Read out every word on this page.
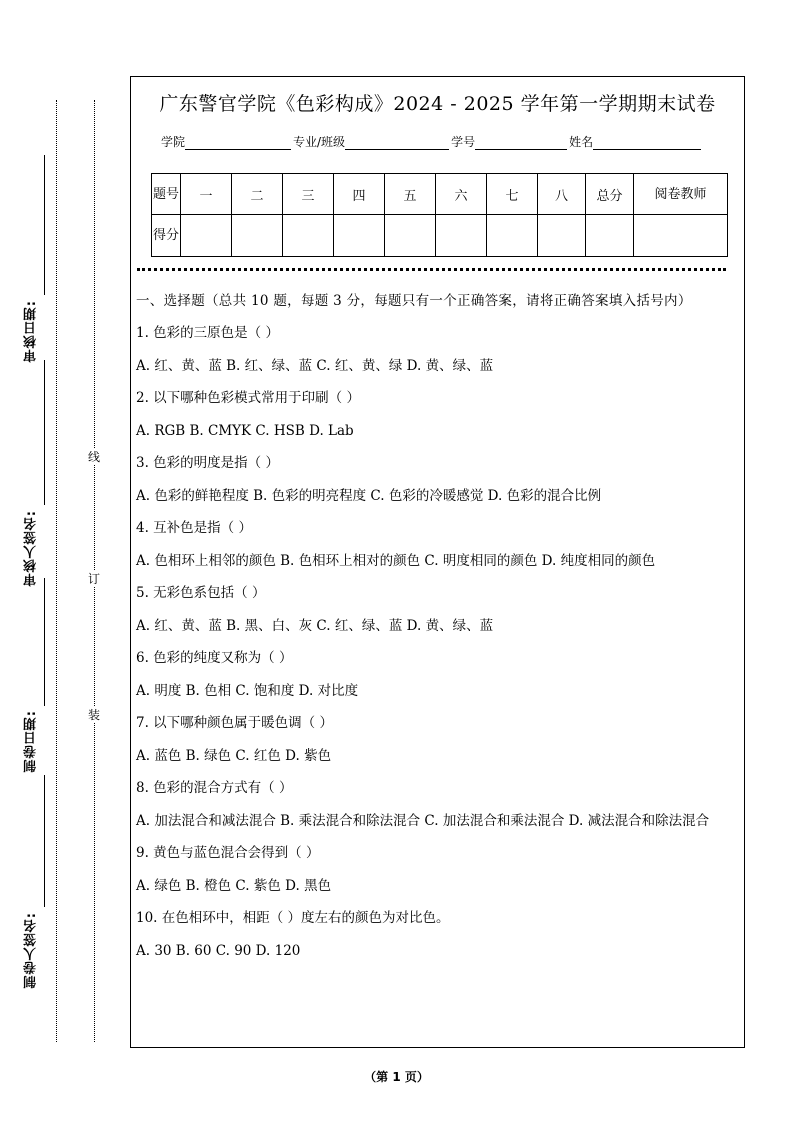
审核日期:
审核人签名:
制卷日期:
制卷人签名:
线
订
装
广东警官学院《色彩构成》2024 - 2025 学年第一学期期末试卷
学院	专业/班级	学号	姓名
题号	一	二	三	四	五	六	七	八	总分	阅卷教师
得分										

一、选择题（总共 10 题，每题 3 分，每题只有一个正确答案，请将正确答案填入括号内）

1. 色彩的三原色是（ ）

A. 红、黄、蓝 B. 红、绿、蓝 C. 红、黄、绿 D. 黄、绿、蓝

2. 以下哪种色彩模式常用于印刷（ ）

A. RGB B. CMYK C. HSB D. Lab

3. 色彩的明度是指（ ）

A. 色彩的鲜艳程度 B. 色彩的明亮程度 C. 色彩的冷暖感觉 D. 色彩的混合比例

4. 互补色是指（ ）

A. 色相环上相邻的颜色 B. 色相环上相对的颜色 C. 明度相同的颜色 D. 纯度相同的颜色

5. 无彩色系包括（ ）

A. 红、黄、蓝 B. 黑、白、灰 C. 红、绿、蓝 D. 黄、绿、蓝

6. 色彩的纯度又称为（ ）

A. 明度 B. 色相 C. 饱和度 D. 对比度

7. 以下哪种颜色属于暖色调（ ）

A. 蓝色 B. 绿色 C. 红色 D. 紫色

8. 色彩的混合方式有（ ）

A. 加法混合和减法混合 B. 乘法混合和除法混合 C. 加法混合和乘法混合 D. 减法混合和除法混合

9. 黄色与蓝色混合会得到（ ）

A. 绿色 B. 橙色 C. 紫色 D. 黑色

10. 在色相环中，相距（ ）度左右的颜色为对比色。

A. 30 B. 60 C. 90 D. 120

（第 1 页）
